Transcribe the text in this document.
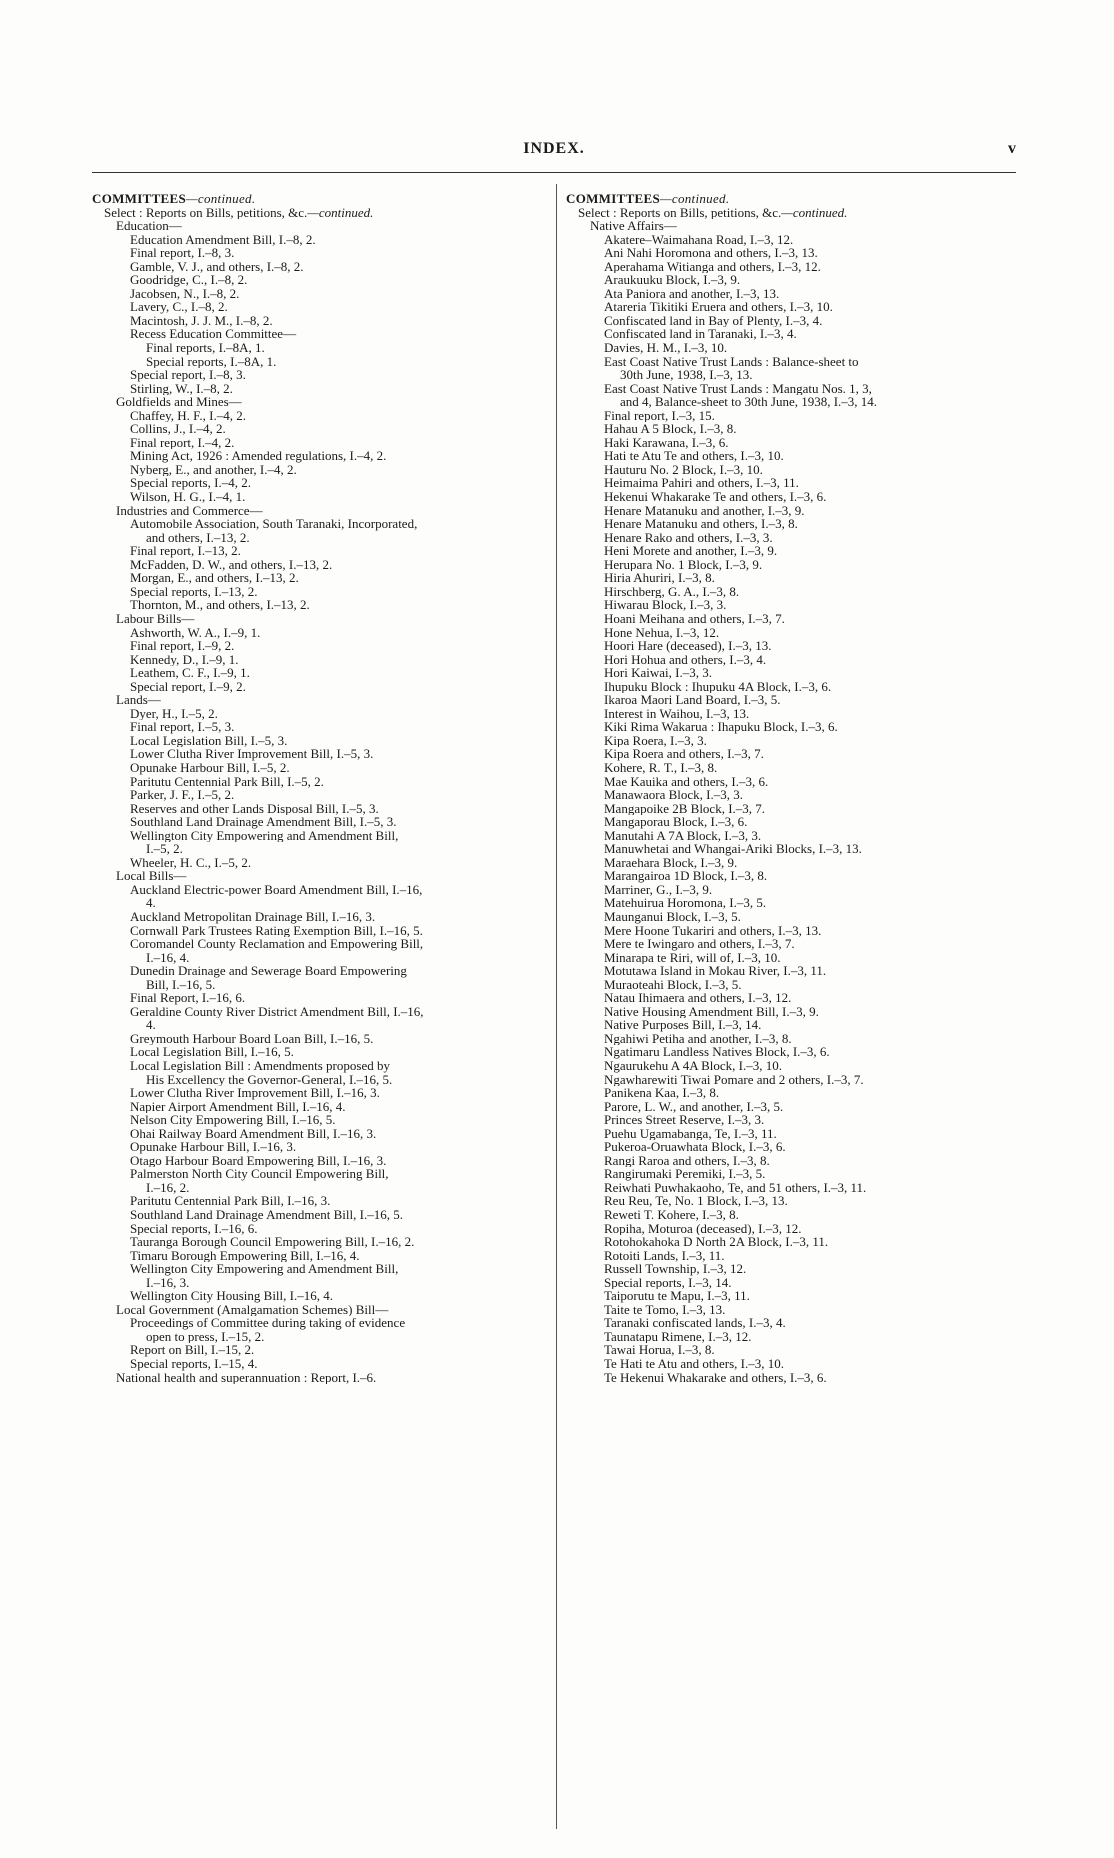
INDEX.	v
COMMITTEES—continued.
Select : Reports on Bills, petitions, &c.—continued.
Education—
Education Amendment Bill, I.–8, 2.
Final report, I.–8, 3.
Gamble, V. J., and others, I.–8, 2.
Goodridge, C., I.–8, 2.
Jacobsen, N., I.–8, 2.
Lavery, C., I.–8, 2.
Macintosh, J. J. M., I.–8, 2.
Recess Education Committee—
Final reports, I.–8A, 1.
Special reports, I.–8A, 1.
Special report, I.–8, 3.
Stirling, W., I.–8, 2.
Goldfields and Mines—
Chaffey, H. F., I.–4, 2.
Collins, J., I.–4, 2.
Final report, I.–4, 2.
Mining Act, 1926 : Amended regulations, I.–4, 2.
Nyberg, E., and another, I.–4, 2.
Special reports, I.–4, 2.
Wilson, H. G., I.–4, 1.
Industries and Commerce—
Automobile Association, South Taranaki, Incorporated,
and others, I.–13, 2.
Final report, I.–13, 2.
McFadden, D. W., and others, I.–13, 2.
Morgan, E., and others, I.–13, 2.
Special reports, I.–13, 2.
Thornton, M., and others, I.–13, 2.
Labour Bills—
Ashworth, W. A., I.–9, 1.
Final report, I.–9, 2.
Kennedy, D., I.–9, 1.
Leathem, C. F., I.–9, 1.
Special report, I.–9, 2.
Lands—
Dyer, H., I.–5, 2.
Final report, I.–5, 3.
Local Legislation Bill, I.–5, 3.
Lower Clutha River Improvement Bill, I.–5, 3.
Opunake Harbour Bill, I.–5, 2.
Paritutu Centennial Park Bill, I.–5, 2.
Parker, J. F., I.–5, 2.
Reserves and other Lands Disposal Bill, I.–5, 3.
Southland Land Drainage Amendment Bill, I.–5, 3.
Wellington City Empowering and Amendment Bill,
I.–5, 2.
Wheeler, H. C., I.–5, 2.
Local Bills—
Auckland Electric-power Board Amendment Bill, I.–16,
4.
Auckland Metropolitan Drainage Bill, I.–16, 3.
Cornwall Park Trustees Rating Exemption Bill, I.–16, 5.
Coromandel County Reclamation and Empowering Bill,
I.–16, 4.
Dunedin Drainage and Sewerage Board Empowering
Bill, I.–16, 5.
Final Report, I.–16, 6.
Geraldine County River District Amendment Bill, I.–16,
4.
Greymouth Harbour Board Loan Bill, I.–16, 5.
Local Legislation Bill, I.–16, 5.
Local Legislation Bill : Amendments proposed by
His Excellency the Governor-General, I.–16, 5.
Lower Clutha River Improvement Bill, I.–16, 3.
Napier Airport Amendment Bill, I.–16, 4.
Nelson City Empowering Bill, I.–16, 5.
Ohai Railway Board Amendment Bill, I.–16, 3.
Opunake Harbour Bill, I.–16, 3.
Otago Harbour Board Empowering Bill, I.–16, 3.
Palmerston North City Council Empowering Bill,
I.–16, 2.
Paritutu Centennial Park Bill, I.–16, 3.
Southland Land Drainage Amendment Bill, I.–16, 5.
Special reports, I.–16, 6.
Tauranga Borough Council Empowering Bill, I.–16, 2.
Timaru Borough Empowering Bill, I.–16, 4.
Wellington City Empowering and Amendment Bill,
I.–16, 3.
Wellington City Housing Bill, I.–16, 4.
Local Government (Amalgamation Schemes) Bill—
Proceedings of Committee during taking of evidence
open to press, I.–15, 2.
Report on Bill, I.–15, 2.
Special reports, I.–15, 4.
National health and superannuation : Report, I.–6.
COMMITTEES—continued.
Select : Reports on Bills, petitions, &c.—continued.
Native Affairs—
Akatere–Waimahana Road, I.–3, 12.
Ani Nahi Horomona and others, I.–3, 13.
Aperahama Witianga and others, I.–3, 12.
Araukuuku Block, I.–3, 9.
Ata Paniora and another, I.–3, 13.
Atareria Tikitiki Eruera and others, I.–3, 10.
Confiscated land in Bay of Plenty, I.–3, 4.
Confiscated land in Taranaki, I.–3, 4.
Davies, H. M., I.–3, 10.
East Coast Native Trust Lands : Balance-sheet to
30th June, 1938, I.–3, 13.
East Coast Native Trust Lands : Mangatu Nos. 1, 3,
and 4, Balance-sheet to 30th June, 1938, I.–3, 14.
Final report, I.–3, 15.
Hahau A 5 Block, I.–3, 8.
Haki Karawana, I.–3, 6.
Hati te Atu Te and others, I.–3, 10.
Hauturu No. 2 Block, I.–3, 10.
Heimaima Pahiri and others, I.–3, 11.
Hekenui Whakarake Te and others, I.–3, 6.
Henare Matanuku and another, I.–3, 9.
Henare Matanuku and others, I.–3, 8.
Henare Rako and others, I.–3, 3.
Heni Morete and another, I.–3, 9.
Herupara No. 1 Block, I.–3, 9.
Hiria Ahuriri, I.–3, 8.
Hirschberg, G. A., I.–3, 8.
Hiwarau Block, I.–3, 3.
Hoani Meihana and others, I.–3, 7.
Hone Nehua, I.–3, 12.
Hoori Hare (deceased), I.–3, 13.
Hori Hohua and others, I.–3, 4.
Hori Kaiwai, I.–3, 3.
Ihupuku Block : Ihupuku 4A Block, I.–3, 6.
Ikaroa Maori Land Board, I.–3, 5.
Interest in Waihou, I.–3, 13.
Kiki Rima Wakarua : Ihapuku Block, I.–3, 6.
Kipa Roera, I.–3, 3.
Kipa Roera and others, I.–3, 7.
Kohere, R. T., I.–3, 8.
Mae Kauika and others, I.–3, 6.
Manawaora Block, I.–3, 3.
Mangapoike 2B Block, I.–3, 7.
Mangaporau Block, I.–3, 6.
Manutahi A 7A Block, I.–3, 3.
Manuwhetai and Whangai-Ariki Blocks, I.–3, 13.
Maraehara Block, I.–3, 9.
Marangairoa 1D Block, I.–3, 8.
Marriner, G., I.–3, 9.
Matehuirua Horomona, I.–3, 5.
Maunganui Block, I.–3, 5.
Mere Hoone Tukariri and others, I.–3, 13.
Mere te Iwingaro and others, I.–3, 7.
Minarapa te Riri, will of, I.–3, 10.
Motutawa Island in Mokau River, I.–3, 11.
Muraoteahi Block, I.–3, 5.
Natau Ihimaera and others, I.–3, 12.
Native Housing Amendment Bill, I.–3, 9.
Native Purposes Bill, I.–3, 14.
Ngahiwi Petiha and another, I.–3, 8.
Ngatimaru Landless Natives Block, I.–3, 6.
Ngaurukehu A 4A Block, I.–3, 10.
Ngawharewiti Tiwai Pomare and 2 others, I.–3, 7.
Panikena Kaa, I.–3, 8.
Parore, L. W., and another, I.–3, 5.
Princes Street Reserve, I.–3, 3.
Puehu Ugamabanga, Te, I.–3, 11.
Pukeroa-Oruawhata Block, I.–3, 6.
Rangi Raroa and others, I.–3, 8.
Rangirumaki Peremiki, I.–3, 5.
Reiwhati Puwhakaoho, Te, and 51 others, I.–3, 11.
Reu Reu, Te, No. 1 Block, I.–3, 13.
Reweti T. Kohere, I.–3, 8.
Ropiha, Moturoa (deceased), I.–3, 12.
Rotohokahoka D North 2A Block, I.–3, 11.
Rotoiti Lands, I.–3, 11.
Russell Township, I.–3, 12.
Special reports, I.–3, 14.
Taiporutu te Mapu, I.–3, 11.
Taite te Tomo, I.–3, 13.
Taranaki confiscated lands, I.–3, 4.
Taunatapu Rimene, I.–3, 12.
Tawai Horua, I.–3, 8.
Te Hati te Atu and others, I.–3, 10.
Te Hekenui Whakarake and others, I.–3, 6.
